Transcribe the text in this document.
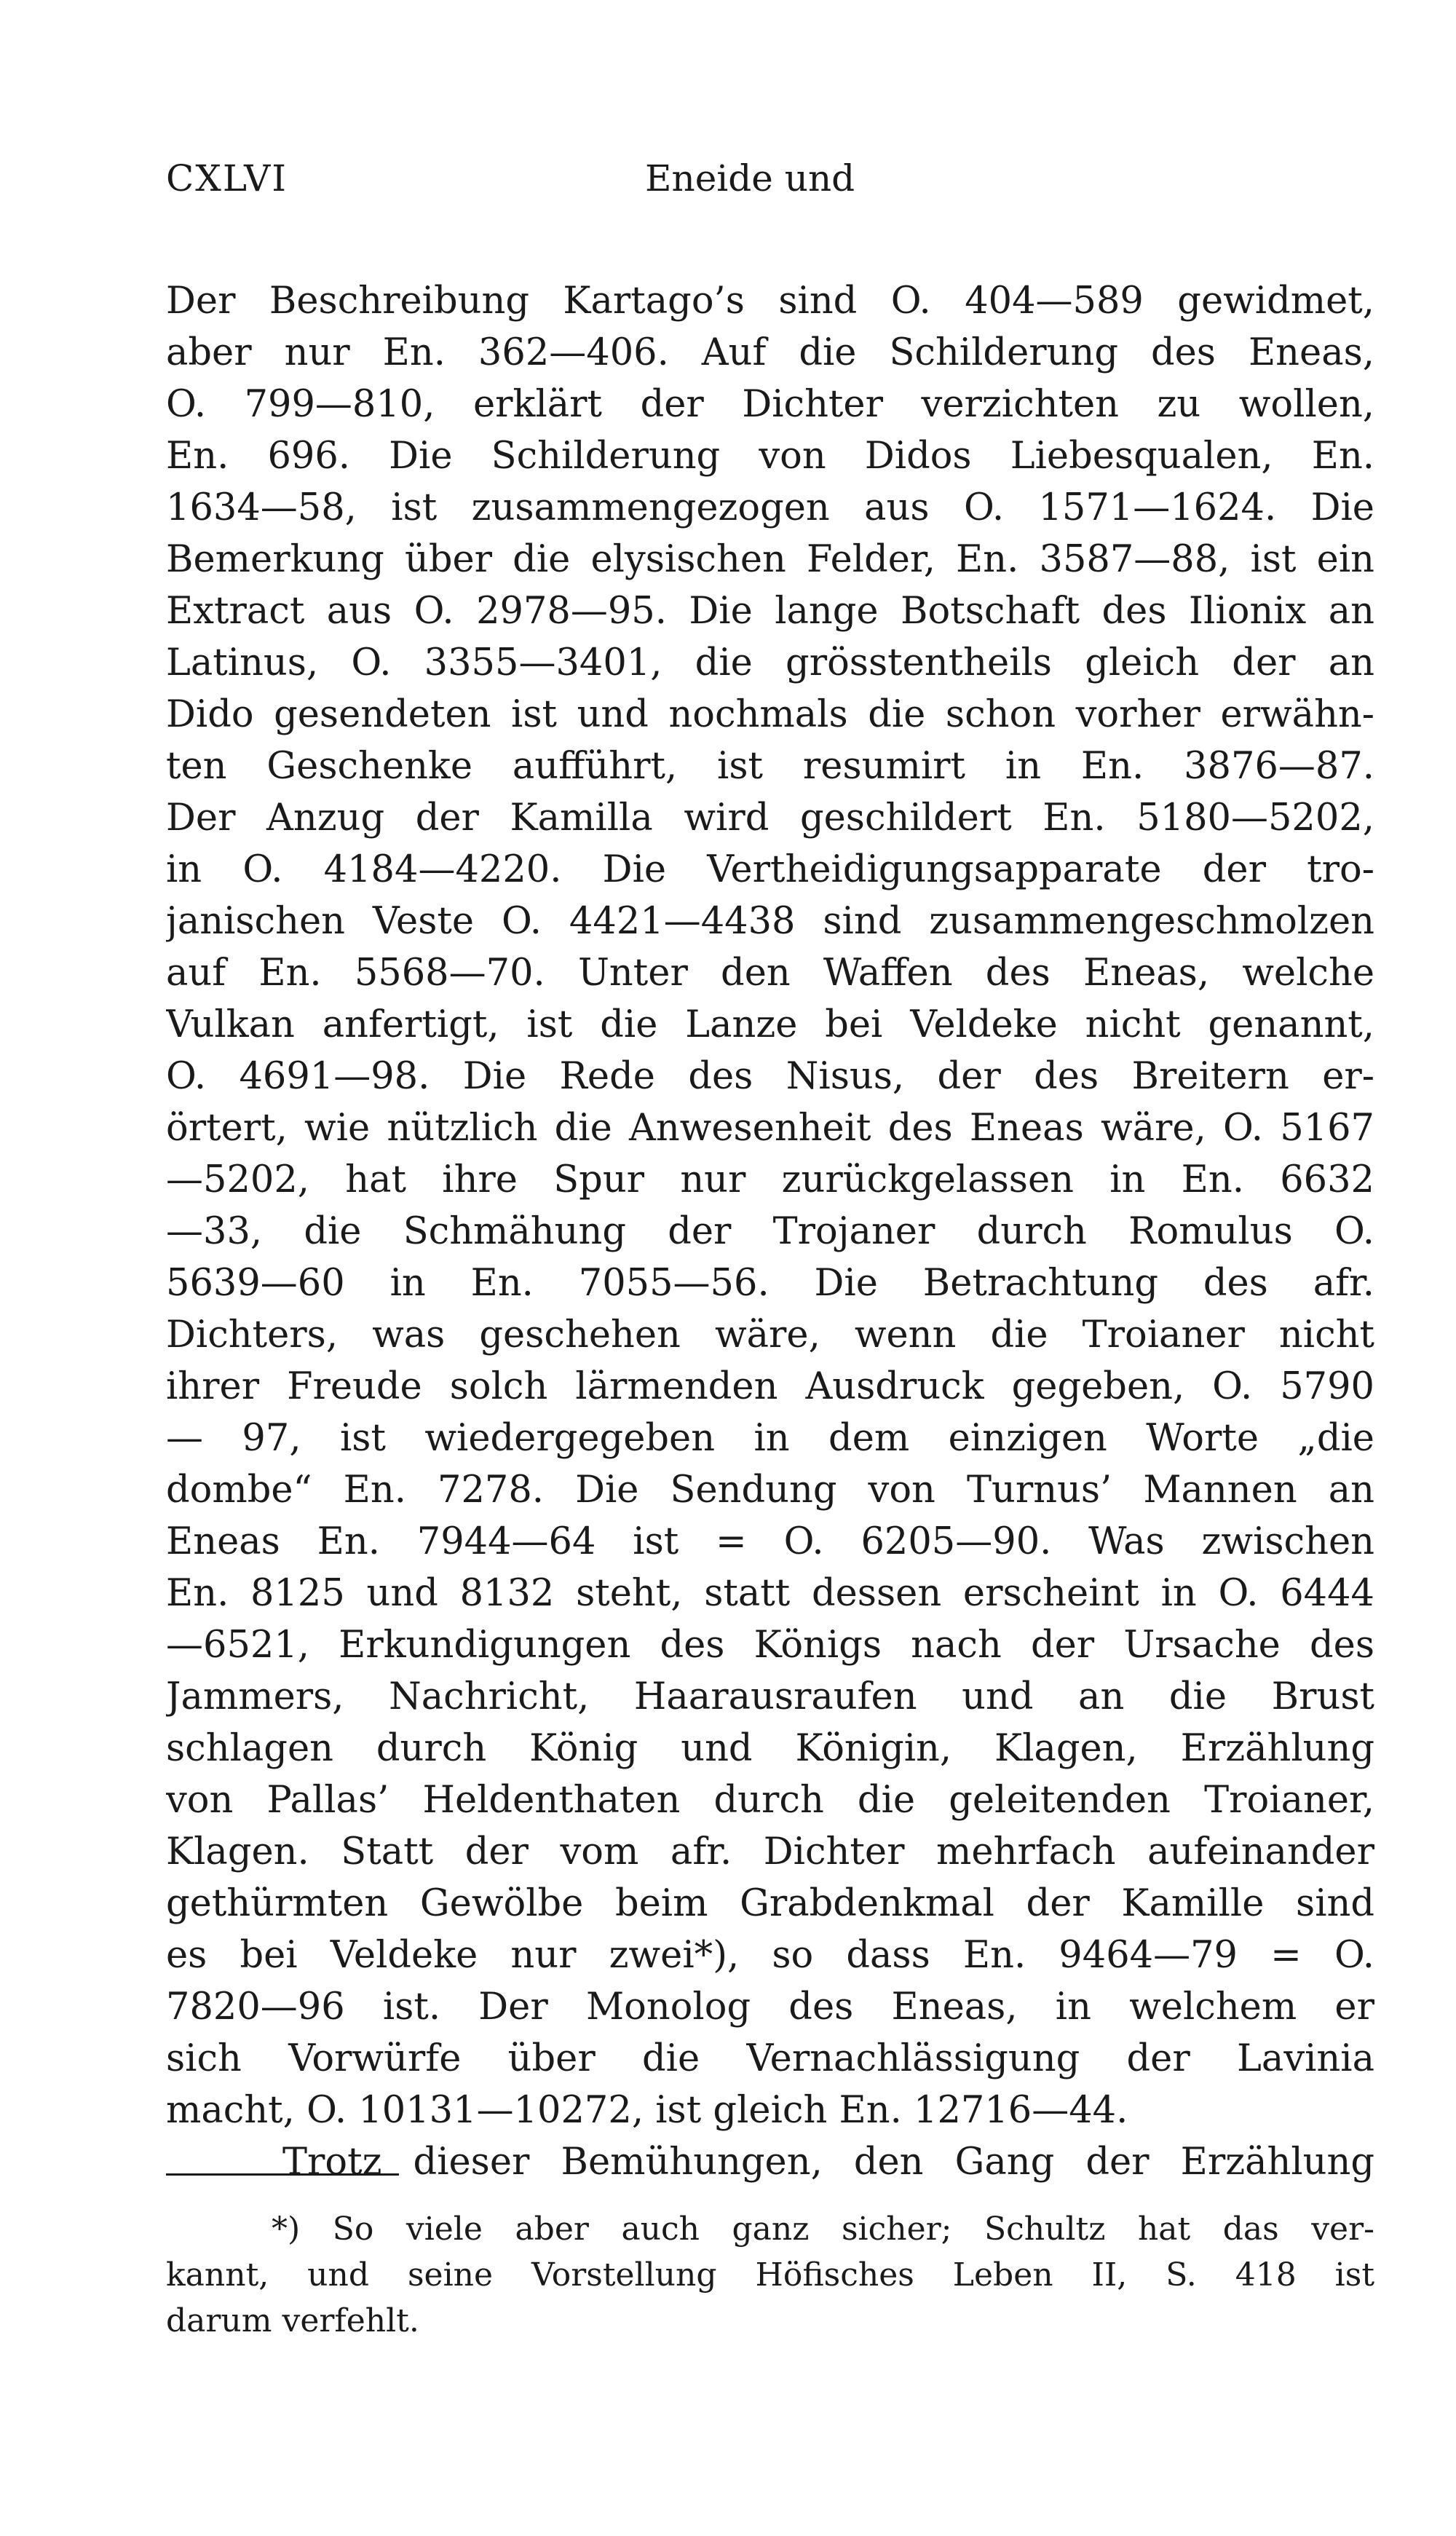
CXLVI	Eneide und
Der Beschreibung Kartago’s sind O. 404—589 gewidmet,
aber nur En. 362—406. Auf die Schilderung des Eneas,
O. 799—810, erklärt der Dichter verzichten zu wollen,
En. 696. Die Schilderung von Didos Liebesqualen, En.
1634—58, ist zusammengezogen aus O. 1571—1624. Die
Bemerkung über die elysischen Felder, En. 3587—88, ist ein
Extract aus O. 2978—95. Die lange Botschaft des Ilionix an
Latinus, O. 3355—3401, die grösstentheils gleich der an
Dido gesendeten ist und nochmals die schon vorher erwähn-
ten Geschenke aufführt, ist resumirt in En. 3876—87.
Der Anzug der Kamilla wird geschildert En. 5180—5202,
in O. 4184—4220. Die Vertheidigungsapparate der tro-
janischen Veste O. 4421—4438 sind zusammengeschmolzen
auf En. 5568—70. Unter den Waffen des Eneas, welche
Vulkan anfertigt, ist die Lanze bei Veldeke nicht genannt,
O. 4691—98. Die Rede des Nisus, der des Breitern er-
örtert, wie nützlich die Anwesenheit des Eneas wäre, O. 5167
—5202, hat ihre Spur nur zurückgelassen in En. 6632
—33, die Schmähung der Trojaner durch Romulus O.
5639—60 in En. 7055—56. Die Betrachtung des afr.
Dichters, was geschehen wäre, wenn die Troianer nicht
ihrer Freude solch lärmenden Ausdruck gegeben, O. 5790
— 97, ist wiedergegeben in dem einzigen Worte „die
dombe“ En. 7278. Die Sendung von Turnus’ Mannen an
Eneas En. 7944—64 ist = O. 6205—90. Was zwischen
En. 8125 und 8132 steht, statt dessen erscheint in O. 6444
—6521, Erkundigungen des Königs nach der Ursache des
Jammers, Nachricht, Haarausraufen und an die Brust
schlagen durch König und Königin, Klagen, Erzählung
von Pallas’ Heldenthaten durch die geleitenden Troianer,
Klagen. Statt der vom afr. Dichter mehrfach aufeinander
gethürmten Gewölbe beim Grabdenkmal der Kamille sind
es bei Veldeke nur zwei*), so dass En. 9464—79 = O.
7820—96 ist. Der Monolog des Eneas, in welchem er
sich Vorwürfe über die Vernachlässigung der Lavinia
macht, O. 10131—10272, ist gleich En. 12716—44.
Trotz dieser Bemühungen, den Gang der Erzählung
*) So viele aber auch ganz sicher; Schultz hat das ver-
kannt, und seine Vorstellung Höfisches Leben II, S. 418 ist
darum verfehlt.
